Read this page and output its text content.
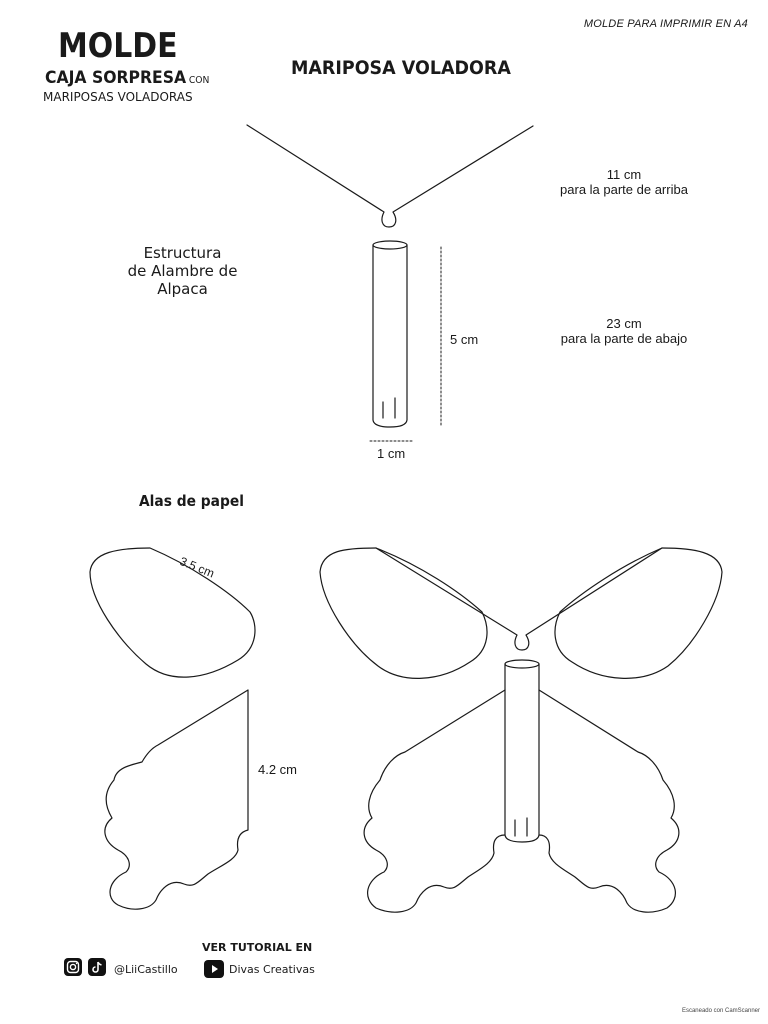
MOLDE PARA IMPRIMIR EN A4
MOLDE
CAJA SORPRESA CON
MARIPOSAS VOLADORAS
MARIPOSA VOLADORA
Estructura
de Alambre de Alpaca
11 cm
para la parte de arriba
23 cm
para la parte de abajo
5 cm
1 cm
Alas de papel
3.5 cm
4.2 cm
VER TUTORIAL EN
@LiiCastillo	Divas Creativas
Escaneado con CamScanner
